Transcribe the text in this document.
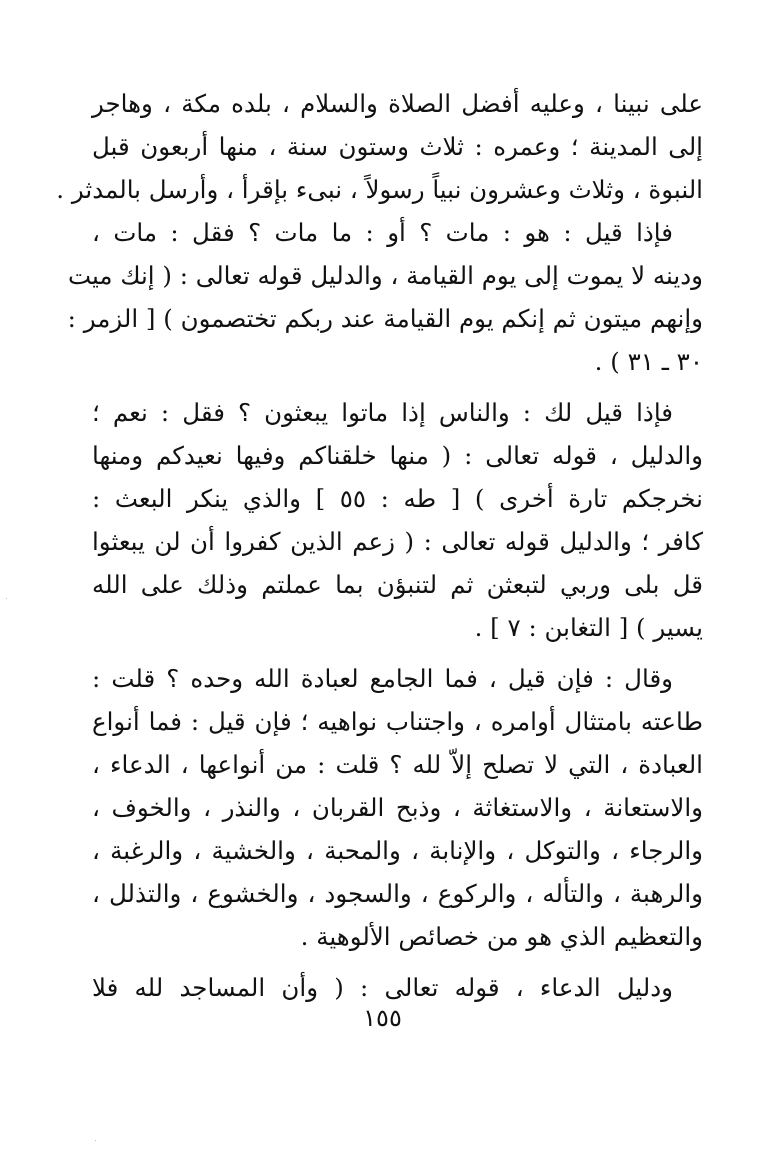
على نبينا ، وعليه أفضل الصلاة والسلام ، بلده مكة ، وهاجر
إلى المدينة ؛ وعمره : ثلاث وستون سنة ، منها أربعون قبل
النبوة ، وثلاث وعشرون نبياً رسولاً ، نبىء بإقرأ ، وأرسل بالمدثر .
فإذا قيل : هو : مات ؟ أو : ما مات ؟ فقل : مات ،
ودينه لا يموت إلى يوم القيامة ، والدليل قوله تعالى : ( إنك ميت
وإنهم ميتون ثم إنكم يوم القيامة عند ربكم تختصمون ) [ الزمر :
٣٠ ـ ٣١ ) .
فإذا قيل لك : والناس إذا ماتوا يبعثون ؟ فقل : نعم ؛
والدليل ، قوله تعالى : ( منها خلقناكم وفيها نعيدكم ومنها
نخرجكم تارة أخرى ) [ طه : ٥٥ ] والذي ينكر البعث :
كافر ؛ والدليل قوله تعالى : ( زعم الذين كفروا أن لن يبعثوا
قل بلى وربي لتبعثن ثم لتنبؤن بما عملتم وذلك على الله
يسير ) [ التغابن : ٧ ] .
وقال : فإن قيل ، فما الجامع لعبادة الله وحده ؟ قلت :
طاعته بامتثال أوامره ، واجتناب نواهيه ؛ فإن قيل : فما أنواع
العبادة ، التي لا تصلح إلاّ لله ؟ قلت : من أنواعها ، الدعاء ،
والاستعانة ، والاستغاثة ، وذبح القربان ، والنذر ، والخوف ،
والرجاء ، والتوكل ، والإنابة ، والمحبة ، والخشية ، والرغبة ،
والرهبة ، والتأله ، والركوع ، والسجود ، والخشوع ، والتذلل ،
والتعظيم الذي هو من خصائص الألوهية .
ودليل الدعاء ، قوله تعالى : ( وأن المساجد لله فلا
١٥٥
